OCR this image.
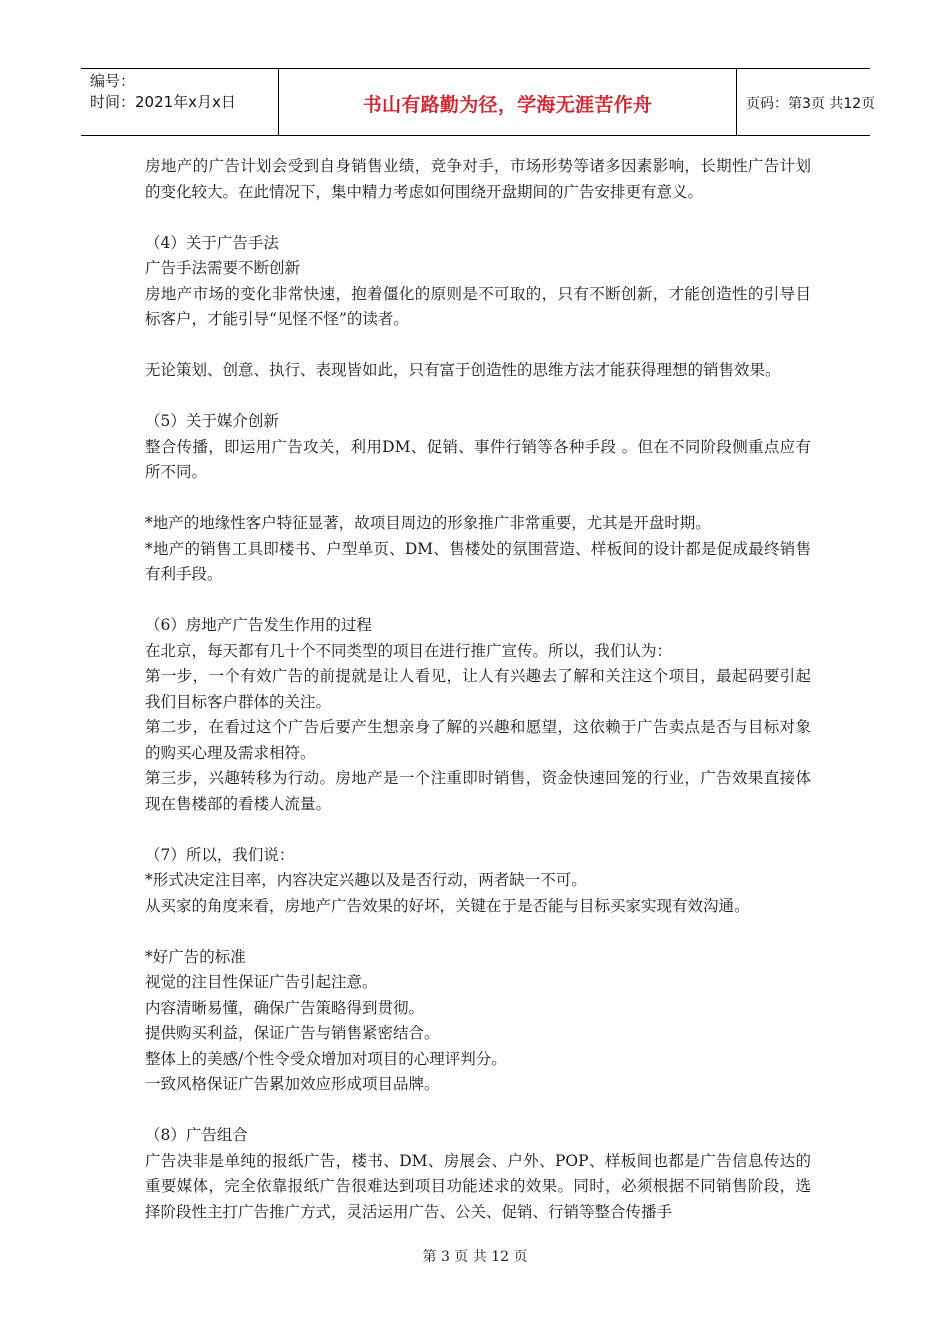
编号：
时间：2021年x月x日	书山有路勤为径，学海无涯苦作舟	页码：第3页 共12页

房地产的广告计划会受到自身销售业绩，竞争对手，市场形势等诸多因素影响，长期性广告计划的变化较大。在此情况下，集中精力考虑如何围绕开盘期间的广告安排更有意义。

（4）关于广告手法

广告手法需要不断创新

房地产市场的变化非常快速，抱着僵化的原则是不可取的，只有不断创新，才能创造性的引导目标客户，才能引导“见怪不怪”的读者。

无论策划、创意、执行、表现皆如此，只有富于创造性的思维方法才能获得理想的销售效果。

（5）关于媒介创新

整合传播，即运用广告攻关，利用DM、促销、事件行销等各种手段 。但在不同阶段侧重点应有所不同。

*地产的地缘性客户特征显著，故项目周边的形象推广非常重要，尤其是开盘时期。

*地产的销售工具即楼书、户型单页、DM、售楼处的氛围营造、样板间的设计都是促成最终销售有利手段。

（6）房地产广告发生作用的过程

在北京，每天都有几十个不同类型的项目在进行推广宣传。所以，我们认为：

第一步，一个有效广告的前提就是让人看见，让人有兴趣去了解和关注这个项目，最起码要引起我们目标客户群体的关注。

第二步，在看过这个广告后要产生想亲身了解的兴趣和愿望，这依赖于广告卖点是否与目标对象的购买心理及需求相符。

第三步，兴趣转移为行动。房地产是一个注重即时销售，资金快速回笼的行业，广告效果直接体现在售楼部的看楼人流量。

（7）所以，我们说：

*形式决定注目率，内容决定兴趣以及是否行动，两者缺一不可。

从买家的角度来看，房地产广告效果的好坏，关键在于是否能与目标买家实现有效沟通。

*好广告的标准

视觉的注目性保证广告引起注意。

内容清晰易懂，确保广告策略得到贯彻。

提供购买利益，保证广告与销售紧密结合。

整体上的美感/个性令受众增加对项目的心理评判分。

一致风格保证广告累加效应形成项目品牌。

（8）广告组合

广告决非是单纯的报纸广告，楼书、DM、房展会、户外、POP、样板间也都是广告信息传达的重要媒体，完全依靠报纸广告很难达到项目功能述求的效果。同时，必须根据不同销售阶段，选择阶段性主打广告推广方式，灵活运用广告、公关、促销、行销等整合传播手

第 3 页 共 12 页
